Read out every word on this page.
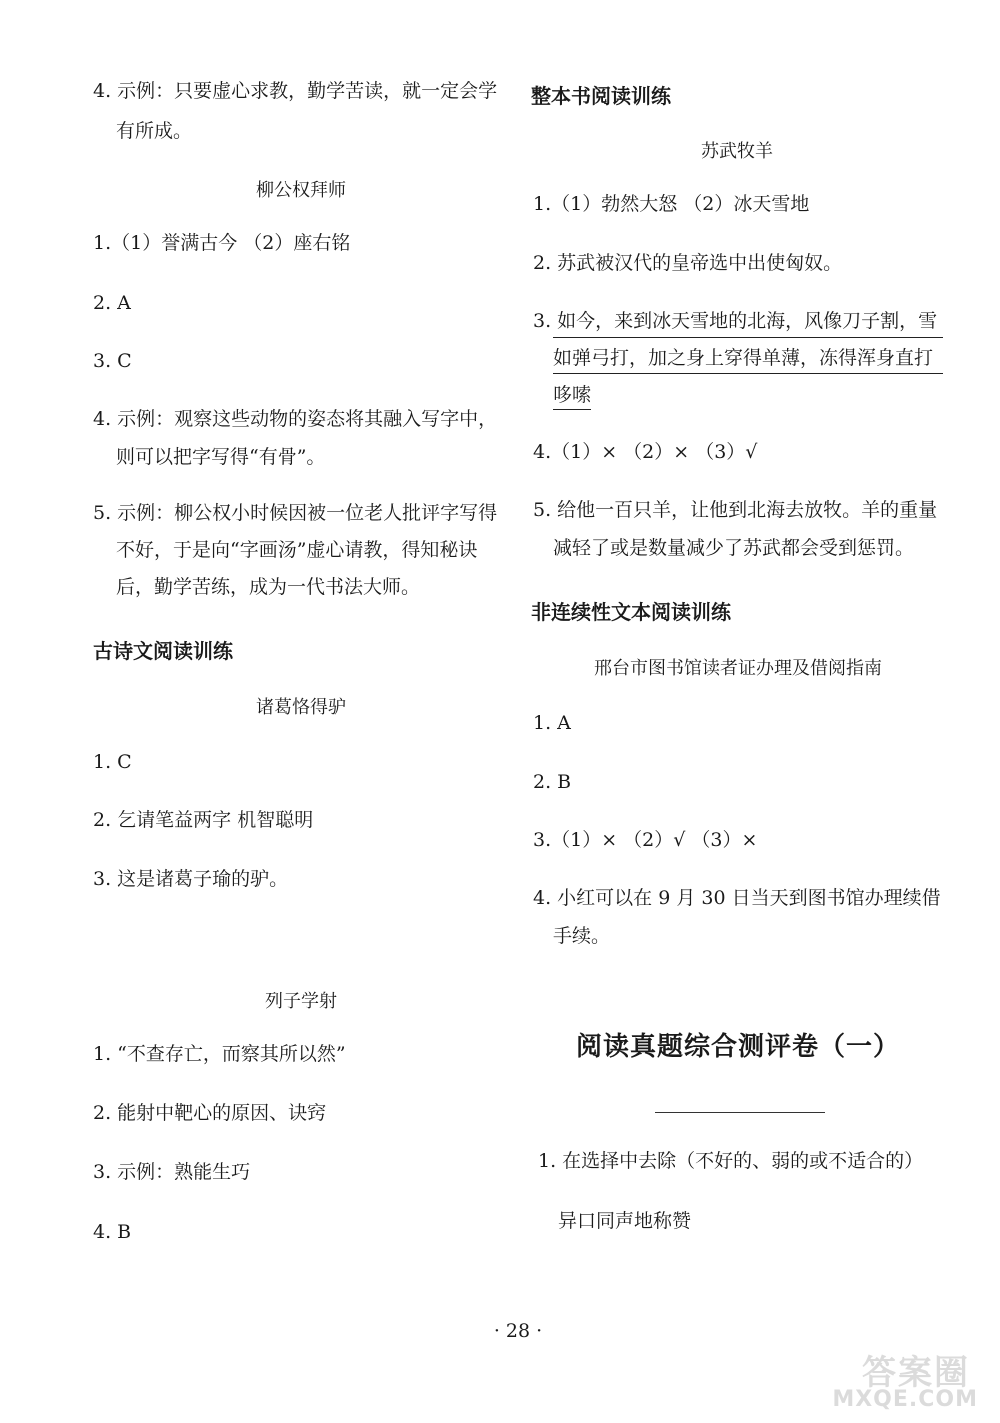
4. 示例：只要虚心求教，勤学苦读，就一定会学
有所成。
柳公权拜师
1.（1）誉满古今 （2）座右铭
2. A
3. C
4. 示例：观察这些动物的姿态将其融入写字中，
则可以把字写得“有骨”。
5. 示例：柳公权小时候因被一位老人批评字写得
不好，于是向“字画汤”虚心请教，得知秘诀
后，勤学苦练，成为一代书法大师。
古诗文阅读训练
诸葛恪得驴
1. C
2. 乞请笔益两字 机智聪明
3. 这是诸葛子瑜的驴。
列子学射
1. “不查存亡，而察其所以然”
2. 能射中靶心的原因、诀窍
3. 示例：熟能生巧
4. B
整本书阅读训练
苏武牧羊
1.（1）勃然大怒 （2）冰天雪地
2. 苏武被汉代的皇帝选中出使匈奴。
3. 如今，来到冰天雪地的北海，风像刀子割，雪
如弹弓打，加之身上穿得单薄，冻得浑身直打
哆嗦
4.（1）× （2）× （3）√
5. 给他一百只羊，让他到北海去放牧。羊的重量
减轻了或是数量减少了苏武都会受到惩罚。
非连续性文本阅读训练
邢台市图书馆读者证办理及借阅指南
1. A
2. B
3.（1）× （2）√ （3）×
4. 小红可以在 9 月 30 日当天到图书馆办理续借
手续。
阅读真题综合测评卷（一）
1. 在选择中去除（不好的、弱的或不适合的）
异口同声地称赞
· 28 ·
答案圈
MXQE.COM
